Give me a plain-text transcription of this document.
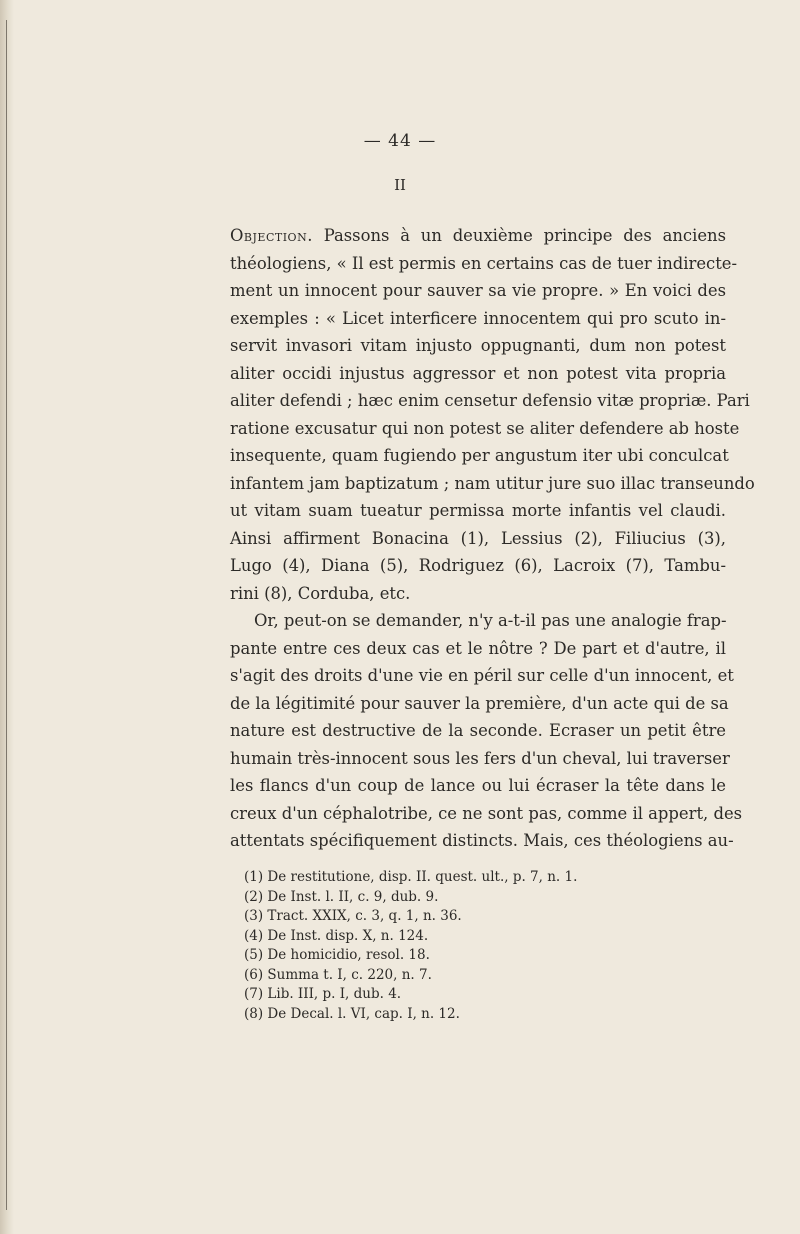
— 44 —
II
Objection. Passons à un deuxième principe des anciens
théologiens, « Il est permis en certains cas de tuer indirecte-
ment un innocent pour sauver sa vie propre. » En voici des
exemples : « Licet interficere innocentem qui pro scuto in-
servit invasori vitam injusto oppugnanti, dum non potest
aliter occidi injustus aggressor et non potest vita propria
aliter defendi ; hæc enim censetur defensio vitæ propriæ. Pari
ratione excusatur qui non potest se aliter defendere ab hoste
insequente, quam fugiendo per angustum iter ubi conculcat
infantem jam baptizatum ; nam utitur jure suo illac transeundo
ut vitam suam tueatur permissa morte infantis vel claudi.
Ainsi affirment Bonacina (1), Lessius (2), Filiucius (3),
Lugo (4), Diana (5), Rodriguez (6), Lacroix (7), Tambu-
rini (8), Corduba, etc.
Or, peut-on se demander, n'y a-t-il pas une analogie frap-
pante entre ces deux cas et le nôtre ? De part et d'autre, il
s'agit des droits d'une vie en péril sur celle d'un innocent, et
de la légitimité pour sauver la première, d'un acte qui de sa
nature est destructive de la seconde. Ecraser un petit être
humain très-innocent sous les fers d'un cheval, lui traverser
les flancs d'un coup de lance ou lui écraser la tête dans le
creux d'un céphalotribe, ce ne sont pas, comme il appert, des
attentats spécifiquement distincts. Mais, ces théologiens au-
(1) De restitutione, disp. II. quest. ult., p. 7, n. 1.
(2) De Inst. l. II, c. 9, dub. 9.
(3) Tract. XXIX, c. 3, q. 1, n. 36.
(4) De Inst. disp. X, n. 124.
(5) De homicidio, resol. 18.
(6) Summa t. I, c. 220, n. 7.
(7) Lib. III, p. I, dub. 4.
(8) De Decal. l. VI, cap. I, n. 12.
